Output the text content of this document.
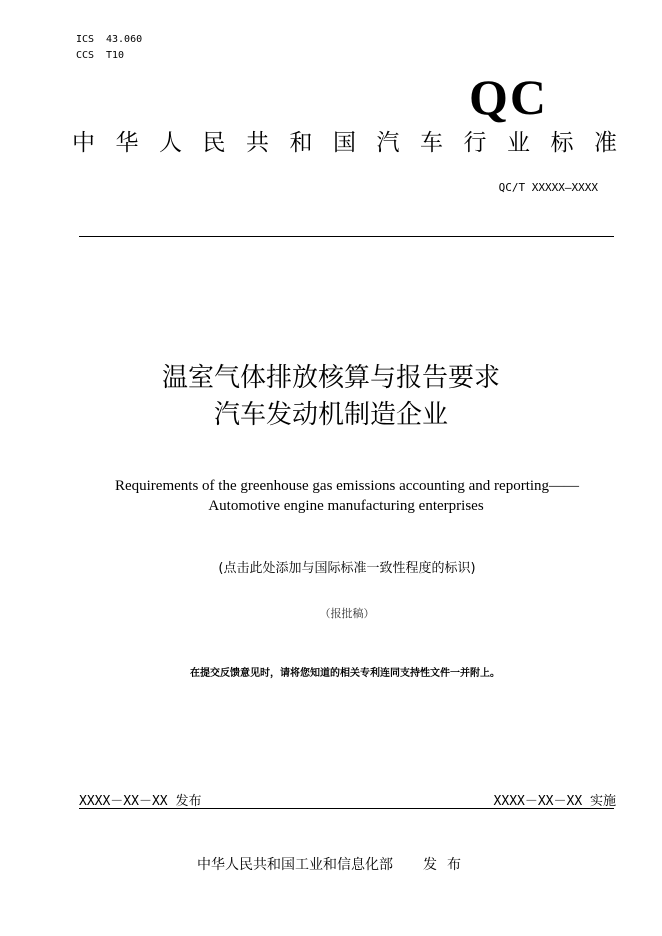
ICS 43.060
CCS T10
QC
中 华 人 民 共 和 国 汽 车 行 业 标 准
QC/T XXXXX—XXXX
温室气体排放核算与报告要求
汽车发动机制造企业
Requirements of the greenhouse gas emissions accounting and reporting——
Automotive engine manufacturing enterprises
(点击此处添加与国际标准一致性程度的标识)
（报批稿）
在提交反馈意见时，请将您知道的相关专利连同支持性文件一并附上。
XXXX－XX－XX 发布	XXXX－XX－XX 实施
中华人民共和国工业和信息化部 发布
